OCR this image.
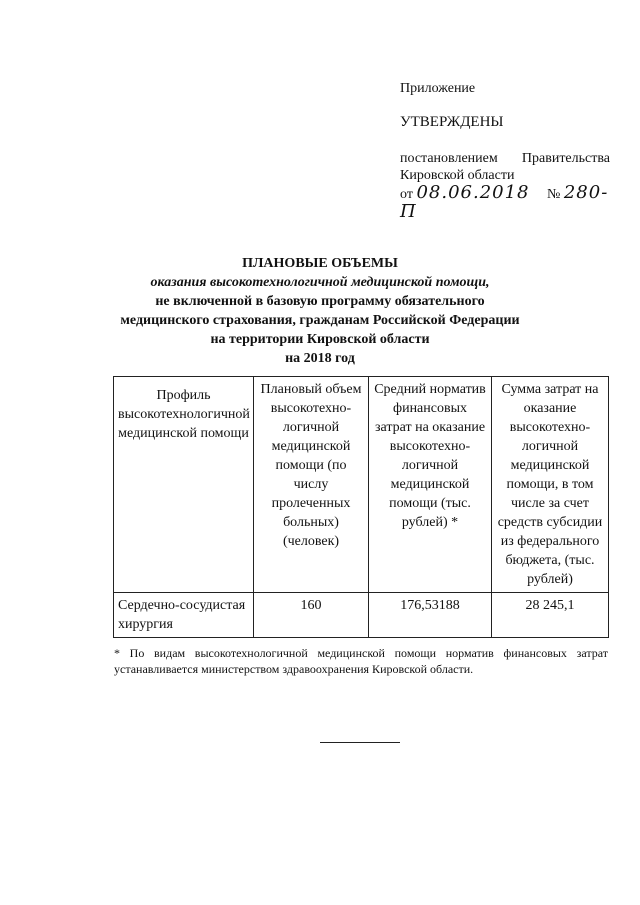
Приложение
УТВЕРЖДЕНЫ
постановлением Правительства
Кировской области
от 08.06.2018 № 280-П
ПЛАНОВЫЕ ОБЪЕМЫ
оказания высокотехнологичной медицинской помощи,
не включенной в базовую программу обязательного
медицинского страхования, гражданам Российской Федерации
на территории Кировской области
на 2018 год
Профиль высокотехнологичной медицинской помощи	Плановый объем высокотехно-логичной медицинской помощи (по числу пролеченных больных) (человек)	Средний норматив финансовых затрат на оказание высокотехно-логичной медицинской помощи (тыс. рублей) *	Сумма затрат на оказание высокотехно-логичной медицинской помощи, в том числе за счет средств субсидии из федерального бюджета, (тыс. рублей)
Сердечно-сосудистая хирургия	160	176,53188	28 245,1
* По видам высокотехнологичной медицинской помощи норматив финансовых затрат устанавливается министерством здравоохранения Кировской области.
